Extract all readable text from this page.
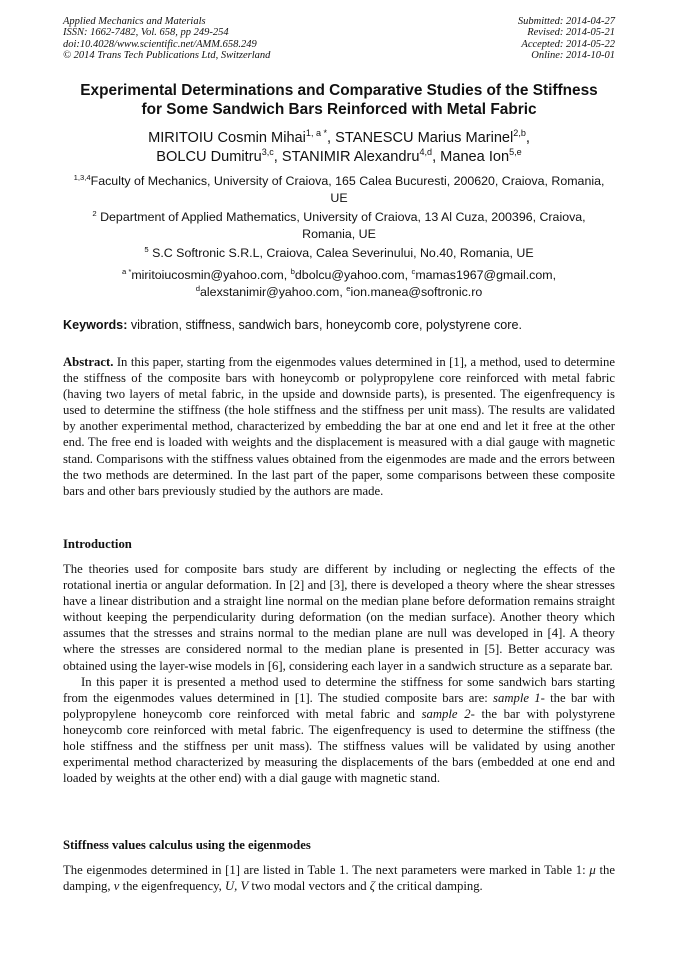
Applied Mechanics and Materials
ISSN: 1662-7482, Vol. 658, pp 249-254
doi:10.4028/www.scientific.net/AMM.658.249
© 2014 Trans Tech Publications Ltd, Switzerland
Submitted: 2014-04-27
Revised: 2014-05-21
Accepted: 2014-05-22
Online: 2014-10-01
Experimental Determinations and Comparative Studies of the Stiffness
for Some Sandwich Bars Reinforced with Metal Fabric
MIRITOIU Cosmin Mihai$^{1, a *}$, STANESCU Marius Marinel$^{2,b}$,
BOLCU Dumitru$^{3,c}$, STANIMIR Alexandru$^{4,d}$, Manea Ion$^{5,e}$
$^{1,3,4}$Faculty of Mechanics, University of Craiova, 165 Calea Bucuresti, 200620, Craiova, Romania,
UE
$^2$ Department of Applied Mathematics, University of Craiova, 13 Al Cuza, 200396, Craiova,
Romania, UE
$^5$ S.C Softronic S.R.L, Craiova, Calea Severinului, No.40, Romania, UE
$^{a *}$miritoiucosmin@yahoo.com, $^b$dbolcu@yahoo.com, $^c$mamas1967@gmail.com,
$^d$alexstanimir@yahoo.com, $^e$ion.manea@softronic.ro
Keywords: vibration, stiffness, sandwich bars, honeycomb core, polystyrene core.

Abstract. In this paper, starting from the eigenmodes values determined in [1], a method, used to determine the stiffness of the composite bars with honeycomb or polypropylene core reinforced with metal fabric (having two layers of metal fabric, in the upside and downside parts), is presented. The eigenfrequency is used to determine the stiffness (the hole stiffness and the stiffness per unit mass). The results are validated by another experimental method, characterized by embedding the bar at one end and let it free at the other end. The free end is loaded with weights and the displacement is measured with a dial gauge with magnetic stand. Comparisons with the stiffness values obtained from the eigenmodes are made and the errors between the two methods are determined. In the last part of the paper, some comparisons between these composite bars and other bars previously studied by the authors are made.

Introduction

The theories used for composite bars study are different by including or neglecting the effects of the rotational inertia or angular deformation. In [2] and [3], there is developed a theory where the shear stresses have a linear distribution and a straight line normal on the median plane before deformation remains straight without keeping the perpendicularity during deformation (on the median surface). Another theory which assumes that the stresses and strains normal to the median plane are null was developed in [4]. A theory where the stresses are considered normal to the median plane is presented in [5]. Better accuracy was obtained using the layer-wise models in [6], considering each layer in a sandwich structure as a separate bar.

In this paper it is presented a method used to determine the stiffness for some sandwich bars starting from the eigenmodes values determined in [1]. The studied composite bars are: sample 1- the bar with polypropylene honeycomb core reinforced with metal fabric and sample 2- the bar with polystyrene honeycomb core reinforced with metal fabric. The eigenfrequency is used to determine the stiffness (the hole stiffness and the stiffness per unit mass). The stiffness values will be validated by using another experimental method characterized by measuring the displacements of the bars (embedded at one end and loaded by weights at the other end) with a dial gauge with magnetic stand.

Stiffness values calculus using the eigenmodes

The eigenmodes determined in [1] are listed in Table 1. The next parameters were marked in Table 1: μ the damping, v the eigenfrequency, U, V two modal vectors and ζ the critical damping.
